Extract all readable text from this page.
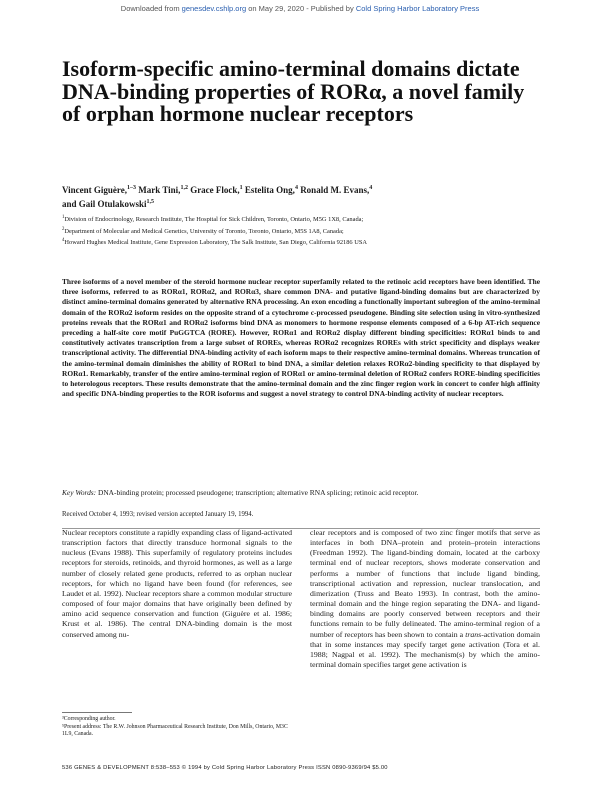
Downloaded from genesdev.cshlp.org on May 29, 2020 - Published by Cold Spring Harbor Laboratory Press
Isoform-specific amino-terminal domains dictate DNA-binding properties of RORα, a novel family of orphan hormone nuclear receptors
Vincent Giguère,$^{1-3}$ Mark Tini,$^{1,2}$ Grace Flock,$^1$ Estelita Ong,$^4$ Ronald M. Evans,$^4$
and Gail Otulakowski$^{1,5}$
$^1$Division of Endocrinology, Research Institute, The Hospital for Sick Children, Toronto, Ontario, M5G 1X8, Canada;
$^2$Department of Molecular and Medical Genetics, University of Toronto, Toronto, Ontario, M5S 1A8, Canada;
$^4$Howard Hughes Medical Institute, Gene Expression Laboratory, The Salk Institute, San Diego, California 92186 USA

Three isoforms of a novel member of the steroid hormone nuclear receptor superfamily related to the retinoic acid receptors have been identified. The three isoforms, referred to as RORα1, RORα2, and RORα3, share common DNA- and putative ligand-binding domains but are characterized by distinct amino-terminal domains generated by alternative RNA processing. An exon encoding a functionally important subregion of the amino-terminal domain of the RORα2 isoform resides on the opposite strand of a cytochrome c-processed pseudogene. Binding site selection using in vitro-synthesized proteins reveals that the RORα1 and RORα2 isoforms bind DNA as monomers to hormone response elements composed of a 6-bp AT-rich sequence preceding a half-site core motif PuGGTCA (RORE). However, RORα1 and RORα2 display different binding specificities: RORα1 binds to and constitutively activates transcription from a large subset of ROREs, whereas RORα2 recognizes ROREs with strict specificity and displays weaker transcriptional activity. The differential DNA-binding activity of each isoform maps to their respective amino-terminal domains. Whereas truncation of the amino-terminal domain diminishes the ability of RORα1 to bind DNA, a similar deletion relaxes RORα2-binding specificity to that displayed by RORα1. Remarkably, transfer of the entire amino-terminal region of RORα1 or amino-terminal deletion of RORα2 confers RORE-binding specificities to heterologous receptors. These results demonstrate that the amino-terminal domain and the zinc finger region work in concert to confer high affinity and specific DNA-binding properties to the ROR isoforms and suggest a novel strategy to control DNA-binding activity of nuclear receptors.

Key Words: DNA-binding protein; processed pseudogene; transcription; alternative RNA splicing; retinoic acid receptor.
Received October 4, 1993; revised version accepted January 19, 1994.

Nuclear receptors constitute a rapidly expanding class of ligand-activated transcription factors that directly transduce hormonal signals to the nucleus (Evans 1988). This superfamily of regulatory proteins includes receptors for steroids, retinoids, and thyroid hormones, as well as a large number of closely related gene products, referred to as orphan nuclear receptors, for which no ligand have been found (for references, see Laudet et al. 1992). Nuclear receptors share a common modular structure composed of four major domains that have originally been defined by amino acid sequence conservation and function (Giguère et al. 1986; Krust et al. 1986). The central DNA-binding domain is the most conserved among nu-

clear receptors and is composed of two zinc finger motifs that serve as interfaces in both DNA–protein and protein–protein interactions (Freedman 1992). The ligand-binding domain, located at the carboxy terminal end of nuclear receptors, shows moderate conservation and performs a number of functions that include ligand binding, transcriptional activation and repression, nuclear translocation, and dimerization (Truss and Beato 1993). In contrast, both the amino-terminal domain and the hinge region separating the DNA- and ligand-binding domains are poorly conserved between receptors and their functions remain to be fully delineated. The amino-terminal region of a number of receptors has been shown to contain a trans-activation domain that in some instances may specify target gene activation (Tora et al. 1988; Nagpal et al. 1992). The mechanism(s) by which the amino-terminal domain specifies target gene activation is

³Corresponding author.
⁵Present address: The R.W. Johnson Pharmaceutical Research Institute, Don Mills, Ontario, M3C 1L9, Canada.
536 GENES & DEVELOPMENT 8:538–553 © 1994 by Cold Spring Harbor Laboratory Press ISSN 0890-9369/94 $5.00
